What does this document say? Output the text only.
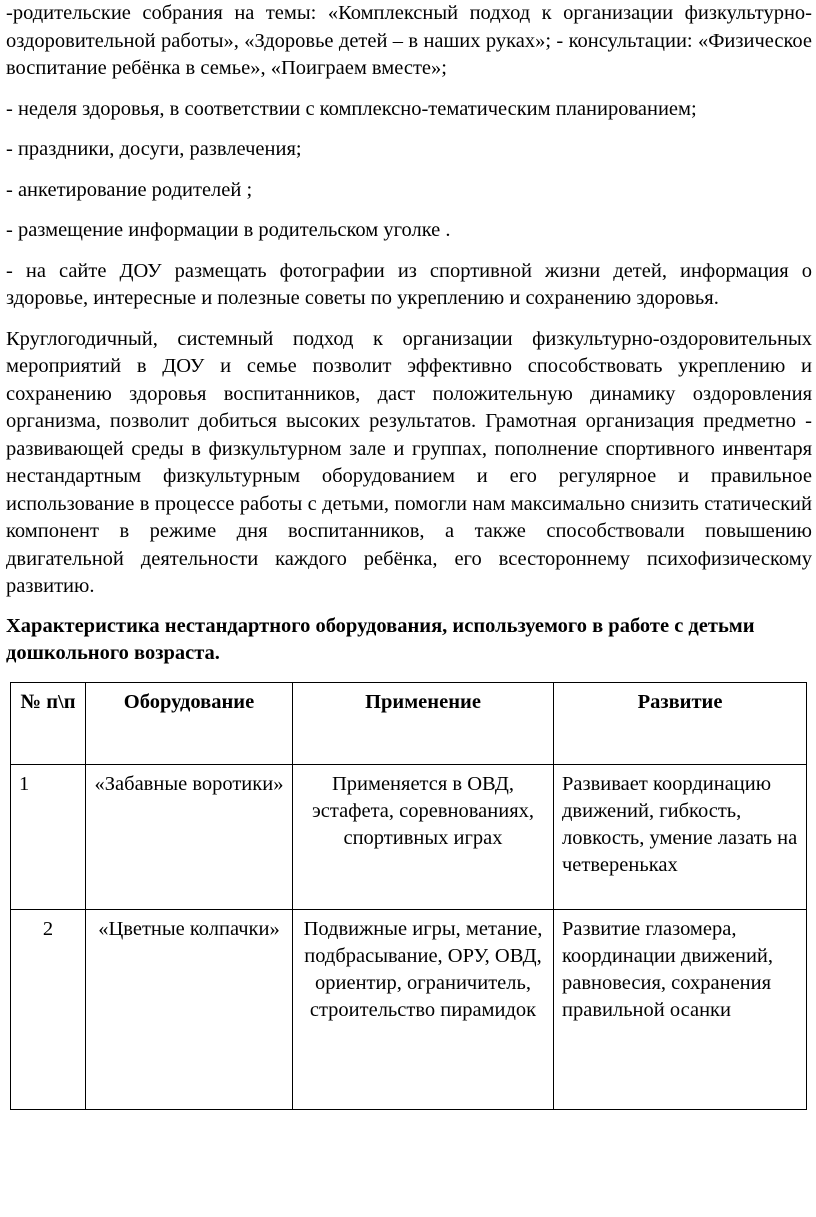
-родительские собрания на темы: «Комплексный подход к организации физкультурно-оздоровительной работы», «Здоровье детей – в наших руках»; - консультации: «Физическое воспитание ребёнка в семье», «Поиграем вместе»;

- неделя здоровья, в соответствии с комплексно-тематическим планированием;

- праздники, досуги, развлечения;

- анкетирование родителей ;

- размещение информации в родительском уголке .

- на сайте ДОУ размещать фотографии из спортивной жизни детей, информация о здоровье, интересные и полезные советы по укреплению и сохранению здоровья.

Круглогодичный, системный подход к организации физкультурно-оздоровительных мероприятий в ДОУ и семье позволит эффективно способствовать укреплению и сохранению здоровья воспитанников, даст положительную динамику оздоровления организма, позволит добиться высоких результатов. Грамотная организация предметно - развивающей среды в физкультурном зале и группах, пополнение спортивного инвентаря нестандартным физкультурным оборудованием и его регулярное и правильное использование в процессе работы с детьми, помогли нам максимально снизить статический компонент в режиме дня воспитанников, а также способствовали повышению двигательной деятельности каждого ребёнка, его всестороннему психофизическому развитию.

Характеристика нестандартного оборудования, используемого в работе с детьми дошкольного возраста.
№ п\п	Оборудование	Применение	Развитие
1	«Забавные воротики»	Применяется в ОВД, эстафета, соревнованиях, спортивных играх	Развивает координацию движений, гибкость, ловкость, умение лазать на четвереньках
2	«Цветные колпачки»	Подвижные игры, метание, подбрасывание, ОРУ, ОВД, ориентир, ограничитель, строительство пирамидок	Развитие глазомера, координации движений, равновесия, сохранения правильной осанки
